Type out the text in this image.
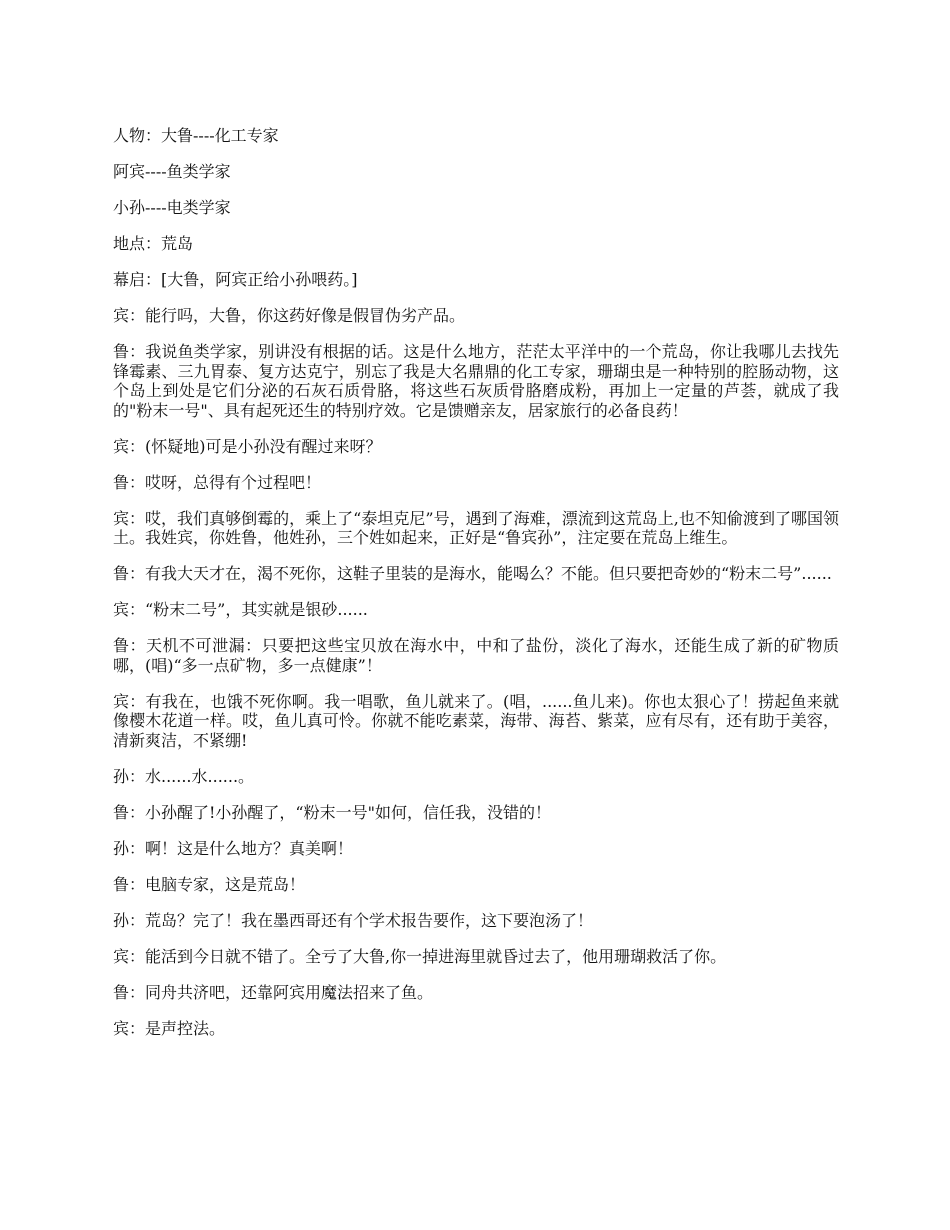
人物：大鲁----化工专家

阿宾----鱼类学家

小孙----电类学家

地点：荒岛

幕启：[大鲁，阿宾正给小孙喂药。]

宾：能行吗，大鲁，你这药好像是假冒伪劣产品。

鲁：我说鱼类学家，别讲没有根据的话。这是什么地方，茫茫太平洋中的一个荒岛，你让我哪儿去找先锋霉素、三九胃泰、复方达克宁，别忘了我是大名鼎鼎的化工专家，珊瑚虫是一种特别的腔肠动物，这个岛上到处是它们分泌的石灰石质骨胳，将这些石灰质骨胳磨成粉，再加上一定量的芦荟，就成了我的"粉末一号"、具有起死还生的特别疗效。它是馈赠亲友，居家旅行的必备良药！

宾：(怀疑地)可是小孙没有醒过来呀？

鲁：哎呀，总得有个过程吧！

宾：哎，我们真够倒霉的，乘上了“泰坦克尼”号，遇到了海难，漂流到这荒岛上,也不知偷渡到了哪国领土。我姓宾，你姓鲁，他姓孙，三个姓如起来，正好是“鲁宾孙”，注定要在荒岛上维生。

鲁：有我大天才在，渴不死你，这鞋子里装的是海水，能喝么？不能。但只要把奇妙的“粉末二号”......

宾：“粉末二号”，其实就是银砂......

鲁：天机不可泄漏：只要把这些宝贝放在海水中，中和了盐份，淡化了海水，还能生成了新的矿物质哪，(唱)“多一点矿物，多一点健康”！

宾：有我在，也饿不死你啊。我一唱歌，鱼儿就来了。(唱，......鱼儿来)。你也太狠心了！捞起鱼来就像樱木花道一样。哎，鱼儿真可怜。你就不能吃素菜，海带、海苔、紫菜，应有尽有，还有助于美容，清新爽洁，不紧绷!

孙：水......水......。

鲁：小孙醒了!小孙醒了，“粉末一号"如何，信任我，没错的！

孙：啊！这是什么地方？真美啊！

鲁：电脑专家，这是荒岛！

孙：荒岛？完了！我在墨西哥还有个学术报告要作，这下要泡汤了！

宾：能活到今日就不错了。全亏了大鲁,你一掉进海里就昏过去了，他用珊瑚救活了你。

鲁：同舟共济吧，还靠阿宾用魔法招来了鱼。

宾：是声控法。
